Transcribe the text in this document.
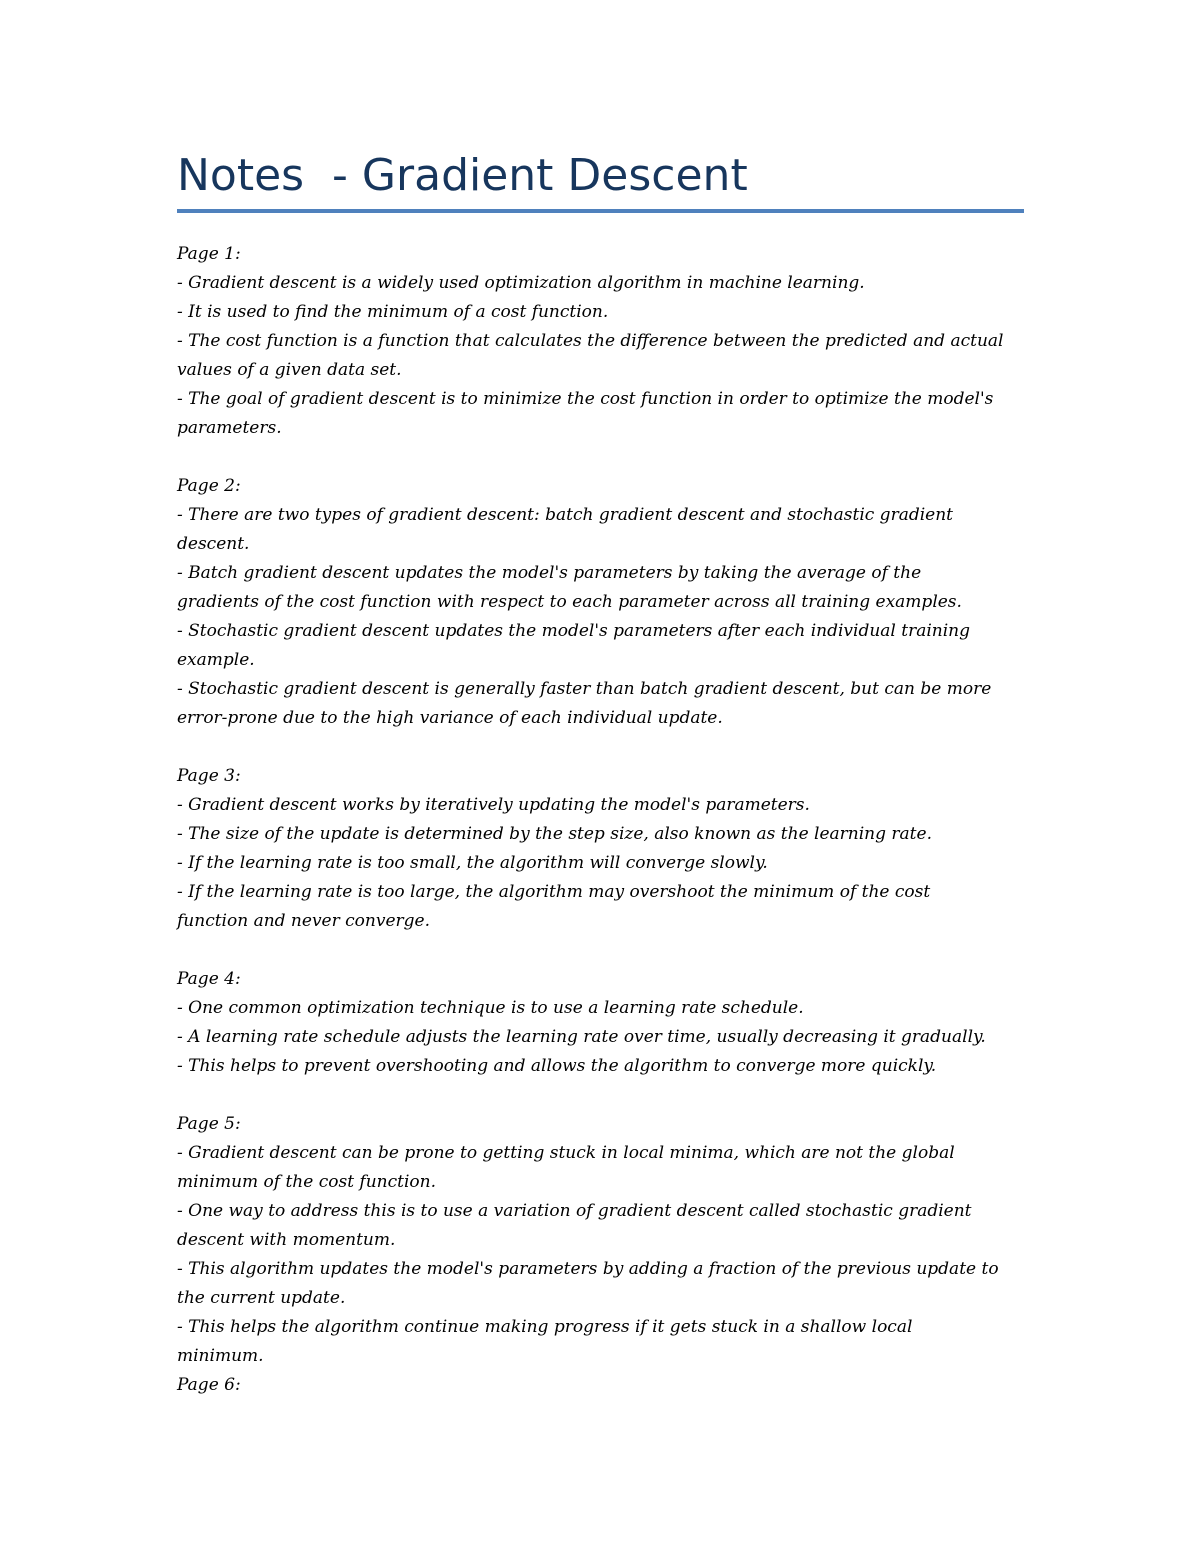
Notes  - Gradient Descent
Page 1:
- Gradient descent is a widely used optimization algorithm in machine learning.
- It is used to find the minimum of a cost function.
- The cost function is a function that calculates the difference between the predicted and actual
values of a given data set.
- The goal of gradient descent is to minimize the cost function in order to optimize the model's
parameters.
Page 2:
- There are two types of gradient descent: batch gradient descent and stochastic gradient
descent.
- Batch gradient descent updates the model's parameters by taking the average of the
gradients of the cost function with respect to each parameter across all training examples.
- Stochastic gradient descent updates the model's parameters after each individual training
example.
- Stochastic gradient descent is generally faster than batch gradient descent, but can be more
error-prone due to the high variance of each individual update.
Page 3:
- Gradient descent works by iteratively updating the model's parameters.
- The size of the update is determined by the step size, also known as the learning rate.
- If the learning rate is too small, the algorithm will converge slowly.
- If the learning rate is too large, the algorithm may overshoot the minimum of the cost
function and never converge.
Page 4:
- One common optimization technique is to use a learning rate schedule.
- A learning rate schedule adjusts the learning rate over time, usually decreasing it gradually.
- This helps to prevent overshooting and allows the algorithm to converge more quickly.
Page 5:
- Gradient descent can be prone to getting stuck in local minima, which are not the global
minimum of the cost function.
- One way to address this is to use a variation of gradient descent called stochastic gradient
descent with momentum.
- This algorithm updates the model's parameters by adding a fraction of the previous update to
the current update.
- This helps the algorithm continue making progress if it gets stuck in a shallow local
minimum.
Page 6:
